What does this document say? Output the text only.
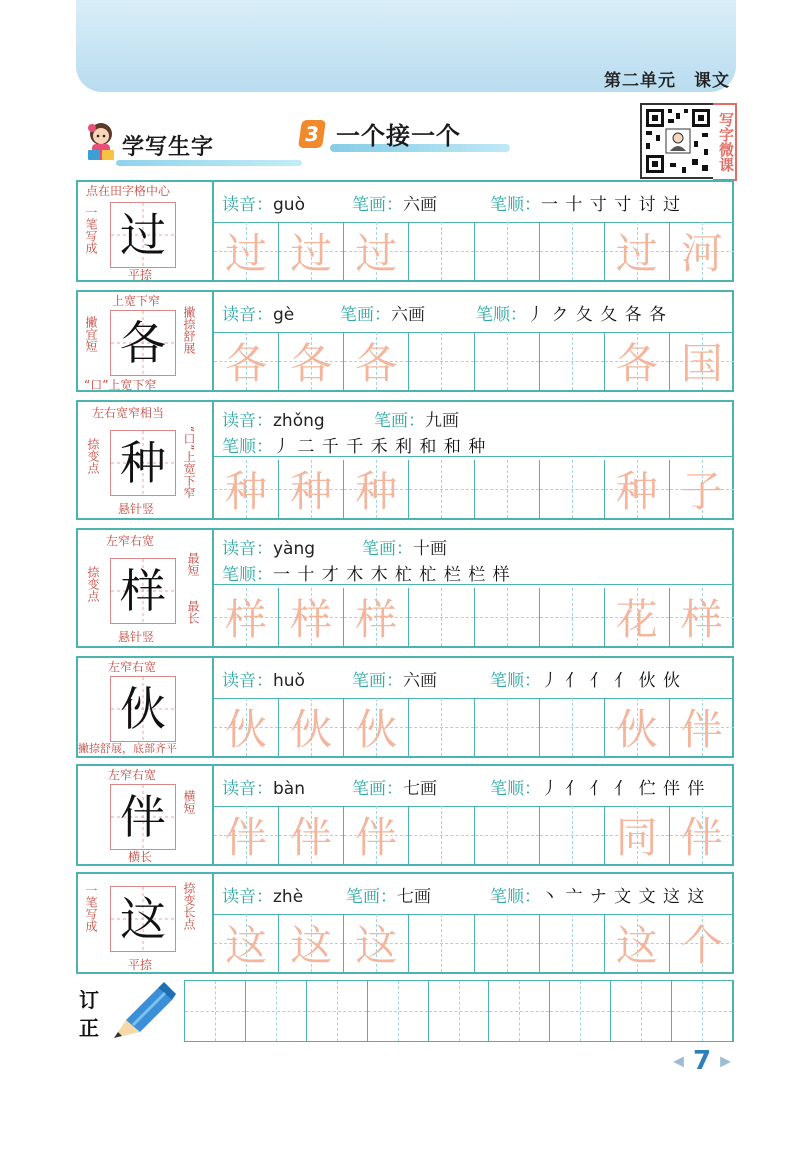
第二单元 课文
学写生字
3 一个接一个	写字微课
点在田字格中心
一笔写成 过
平捺
读音：guò	笔画：六画	笔顺：一 十 寸 寸 讨 过
过 过 过	过 河
上宽下窄
撇宜短	撇捺舒展
各
“口”上宽下窄
读音：gè	笔画：六画	笔顺：丿 ク 夂 夂 各 各
各 各 各	各 国
左右宽窄相当
捺变点	“口”上宽下窄
种
悬针竖
读音：zhǒng	笔画：九画
笔顺：丿 二 千 千 禾 利 和 和 种
种 种 种	种 子
左窄右宽
捺变点
最短
最长
样
悬针竖
读音：yàng	笔画：十画
笔顺：一 十 才 木 木 杧 杧 栏 栏 样
样 样 样	花 样
左窄右宽
伙
撇捺舒展，底部齐平
读音：huǒ	笔画：六画	笔顺：丿 亻 亻 亻 伙 伙
伙 伙 伙	伙 伴
左窄右宽
横短
伴
横长
读音：bàn	笔画：七画	笔顺：丿 亻 亻 亻 伫 伴 伴
伴 伴 伴	同 伴
一笔写成	捺变长点
这
平捺
读音：zhè	笔画：七画	笔顺：丶 亠 ナ 文 文 这 这
这 这 这	这 个
订正
◀ 7 ▶
